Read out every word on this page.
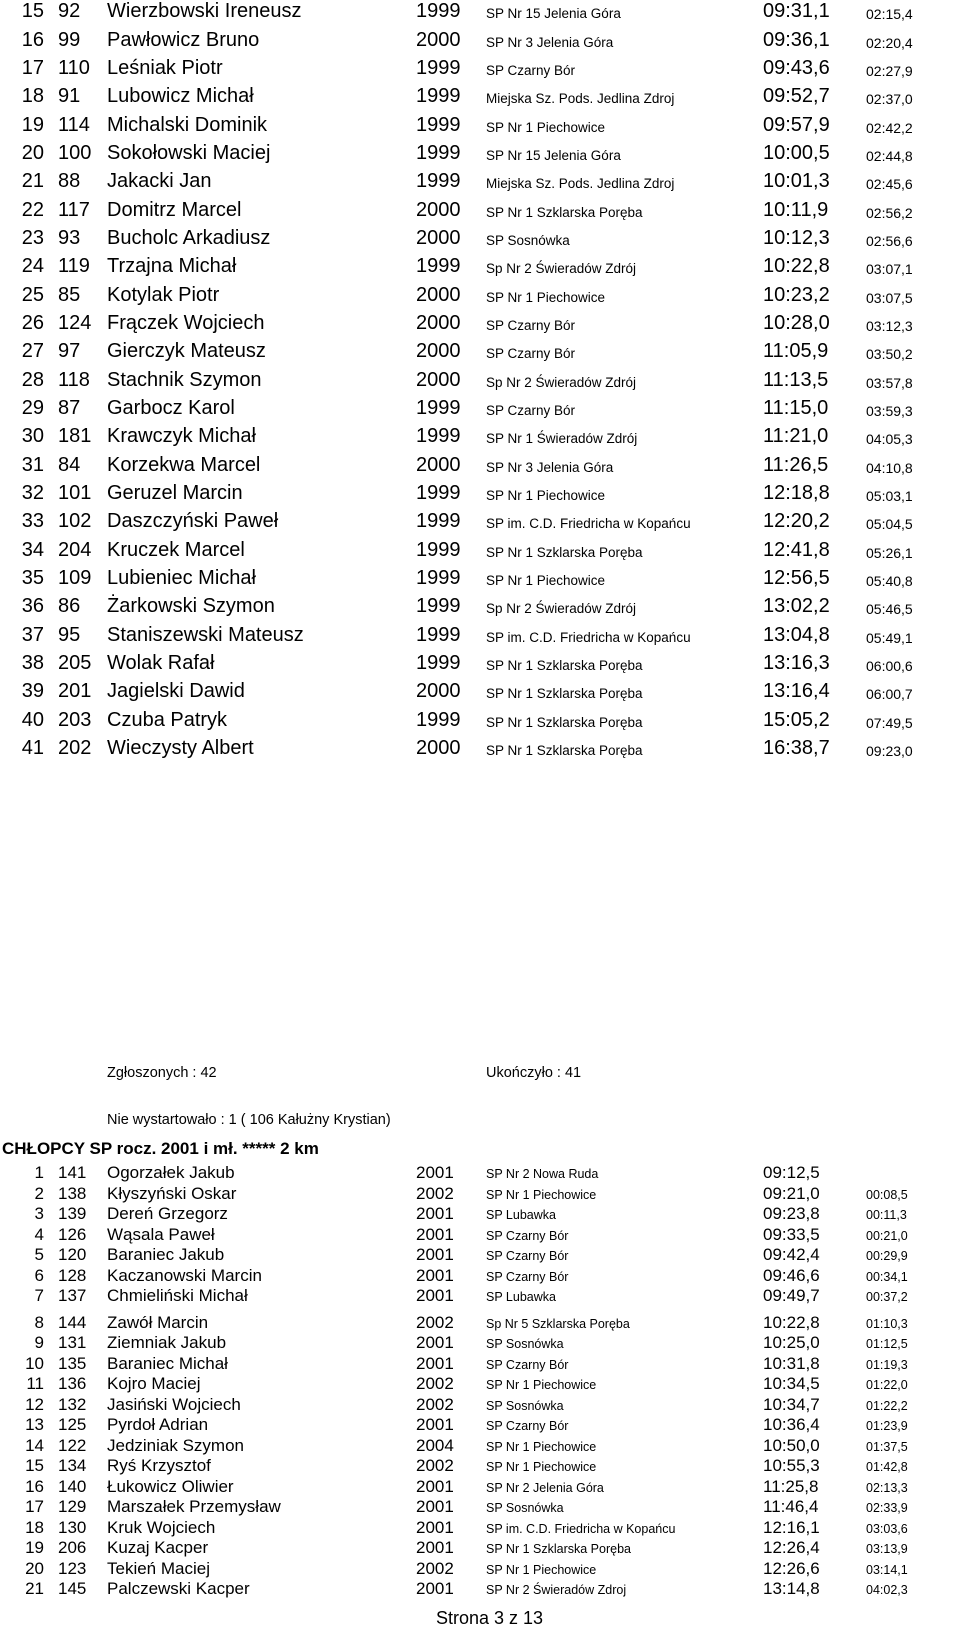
15 92 Wierzbowski Ireneusz	1999 SP Nr 15 Jelenia Góra	09:31,1	02:15,4
16 99 Pawłowicz Bruno	2000 SP Nr 3 Jelenia Góra	09:36,1	02:20,4
17 110 Leśniak Piotr	1999 SP Czarny Bór	09:43,6	02:27,9
18 91 Lubowicz Michał	1999 Miejska Sz. Pods. Jedlina Zdroj	09:52,7	02:37,0
19 114 Michalski Dominik	1999 SP Nr 1 Piechowice	09:57,9	02:42,2
20 100 Sokołowski Maciej	1999 SP Nr 15 Jelenia Góra	10:00,5	02:44,8
21 88 Jakacki Jan	1999 Miejska Sz. Pods. Jedlina Zdroj	10:01,3	02:45,6
22 117 Domitrz Marcel	2000 SP Nr 1 Szklarska Poręba	10:11,9	02:56,2
23 93 Bucholc Arkadiusz	2000 SP Sosnówka	10:12,3	02:56,6
24 119 Trzajna Michał	1999 Sp Nr 2 Świeradów Zdrój	10:22,8	03:07,1
25 85 Kotylak Piotr	2000 SP Nr 1 Piechowice	10:23,2	03:07,5
26 124 Frączek Wojciech	2000 SP Czarny Bór	10:28,0	03:12,3
27 97 Gierczyk Mateusz	2000 SP Czarny Bór	11:05,9	03:50,2
28 118 Stachnik Szymon	2000 Sp Nr 2 Świeradów Zdrój	11:13,5	03:57,8
29 87 Garbocz Karol	1999 SP Czarny Bór	11:15,0	03:59,3
30 181 Krawczyk Michał	1999 SP Nr 1 Świeradów Zdrój	11:21,0	04:05,3
31 84 Korzekwa Marcel	2000 SP Nr 3 Jelenia Góra	11:26,5	04:10,8
32 101 Geruzel Marcin	1999 SP Nr 1 Piechowice	12:18,8	05:03,1
33 102 Daszczyński Paweł	1999 SP im. C.D. Friedricha w Kopańcu	12:20,2	05:04,5
34 204 Kruczek Marcel	1999 SP Nr 1 Szklarska Poręba	12:41,8	05:26,1
35 109 Lubieniec Michał	1999 SP Nr 1 Piechowice	12:56,5	05:40,8
36 86 Żarkowski Szymon	1999 Sp Nr 2 Świeradów Zdrój	13:02,2	05:46,5
37 95 Staniszewski Mateusz	1999 SP im. C.D. Friedricha w Kopańcu	13:04,8	05:49,1
38 205 Wolak Rafał	1999 SP Nr 1 Szklarska Poręba	13:16,3	06:00,6
39 201 Jagielski Dawid	2000 SP Nr 1 Szklarska Poręba	13:16,4	06:00,7
40 203 Czuba Patryk	1999 SP Nr 1 Szklarska Poręba	15:05,2	07:49,5
41 202 Wieczysty Albert	2000 SP Nr 1 Szklarska Poręba	16:38,7	09:23,0
1 141 Ogorzałek Jakub	2001	SP Nr 2 Nowa Ruda	09:12,5
2 138 Kłyszyński Oskar	2002	SP Nr 1 Piechowice	09:21,0	00:08,5
3 139 Dereń Grzegorz	2001	SP Lubawka	09:23,8	00:11,3
4 126 Wąsala Paweł	2001	SP Czarny Bór	09:33,5	00:21,0
5 120 Baraniec Jakub	2001	SP Czarny Bór	09:42,4	00:29,9
6 128 Kaczanowski Marcin	2001	SP Czarny Bór	09:46,6	00:34,1
7 137 Chmieliński Michał	2001	SP Lubawka	09:49,7	00:37,2
8 144 Zawół Marcin	2002	Sp Nr 5 Szklarska Poręba	10:22,8	01:10,3
9 131 Ziemniak Jakub	2001	SP Sosnówka	10:25,0	01:12,5
10 135 Baraniec Michał	2001	SP Czarny Bór	10:31,8	01:19,3
11 136 Kojro Maciej	2002	SP Nr 1 Piechowice	10:34,5	01:22,0
12 132 Jasiński Wojciech	2002	SP Sosnówka	10:34,7	01:22,2
13 125 Pyrdoł Adrian	2001	SP Czarny Bór	10:36,4	01:23,9
14 122 Jedziniak Szymon	2004	SP Nr 1 Piechowice	10:50,0	01:37,5
15 134 Ryś Krzysztof	2002	SP Nr 1 Piechowice	10:55,3	01:42,8
16 140 Łukowicz Oliwier	2001	SP Nr 2 Jelenia Góra	11:25,8	02:13,3
17 129 Marszałek Przemysław	2001	SP Sosnówka	11:46,4	02:33,9
18 130 Kruk Wojciech	2001	SP im. C.D. Friedricha w Kopańcu	12:16,1	03:03,6
19 206 Kuzaj Kacper	2001	SP Nr 1 Szklarska Poręba	12:26,4	03:13,9
20 123 Tekień Maciej	2002	SP Nr 1 Piechowice	12:26,6	03:14,1
21 145 Palczewski Kacper	2001	SP Nr 2 Świeradów Zdroj	13:14,8	04:02,3
Zgłoszonych : 42	Ukończyło : 41
Nie wystartowało : 1 ( 106 Kałużny Krystian)
CHŁOPCY SP rocz. 2001 i mł. ***** 2 km
Strona 3 z 13
